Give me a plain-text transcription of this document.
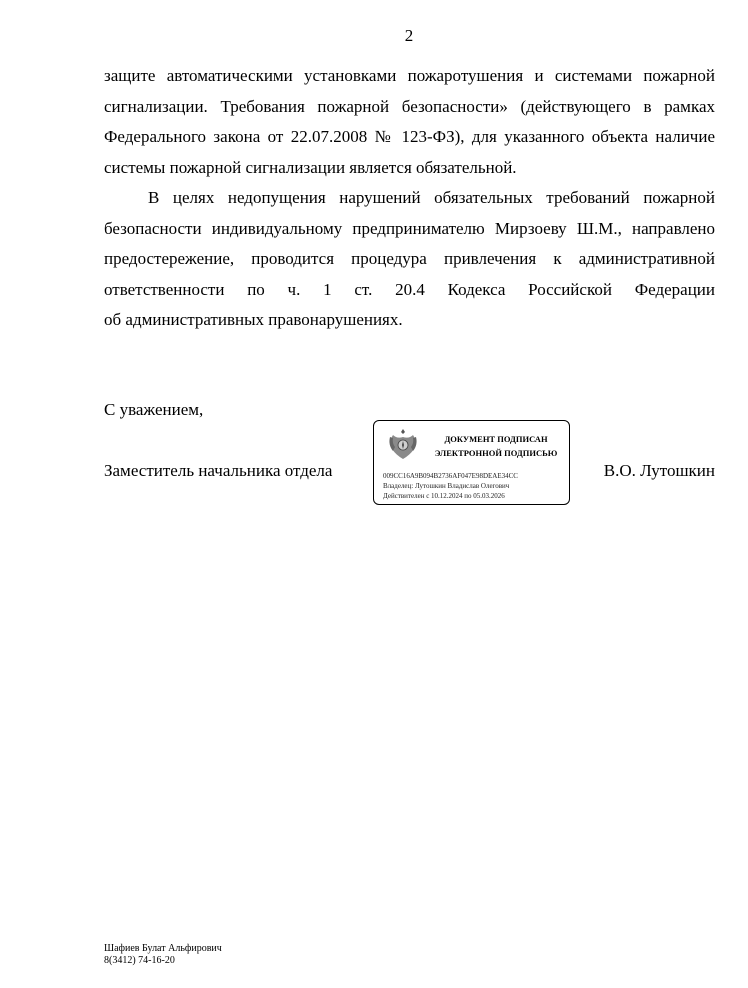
2
защите автоматическими установками пожаротушения и системами пожарной
сигнализации. Требования пожарной безопасности» (действующего в рамках
Федерального закона от 22.07.2008 № 123-ФЗ), для указанного объекта наличие
системы пожарной сигнализации является обязательной.
В целях недопущения нарушений обязательных требований пожарной
безопасности индивидуальному предпринимателю Мирзоеву Ш.М., направлено
предостережение, проводится процедура привлечения к административной
ответственности по ч. 1 ст. 20.4 Кодекса Российской Федерации
об административных правонарушениях.
С уважением,
Заместитель начальника отдела	В.О. Лутошкин
ДОКУМЕНТ ПОДПИСАН
ЭЛЕКТРОННОЙ ПОДПИСЬЮ
009CC16A9B094B2736AF047E98DEAE34CC
Владелец: Лутошкин Владислав Олегович
Действителен с 10.12.2024 по 05.03.2026
Шафиев Булат Альфирович
8(3412) 74-16-20
